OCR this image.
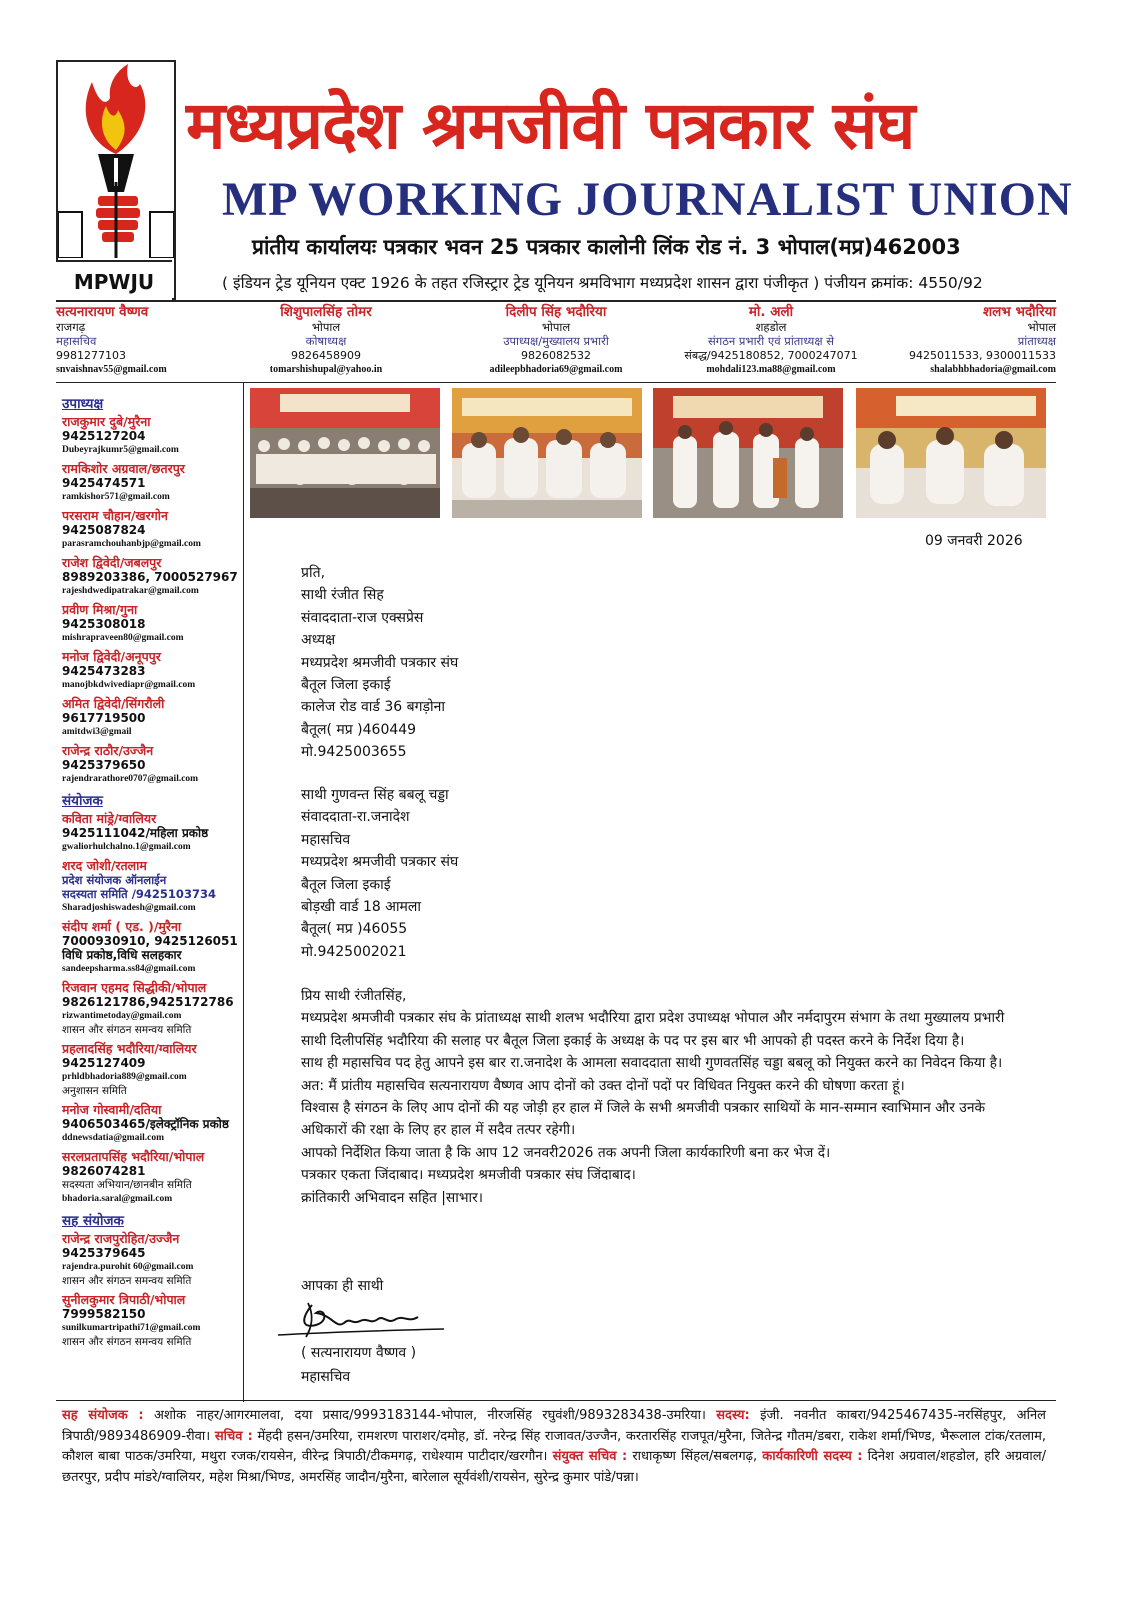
MPWJU
मध्यप्रदेश श्रमजीवी पत्रकार संघ
MP WORKING JOURNALIST UNION
प्रांतीय कार्यालयः पत्रकार भवन 25 पत्रकार कालोनी लिंक रोड नं. 3 भोपाल(मप्र)462003
( इंडियन ट्रेड यूनियन एक्ट 1926 के तहत रजिस्ट्रार ट्रेड यूनियन श्रमविभाग मध्यप्रदेश शासन द्वारा पंजीकृत ) पंजीयन क्रमांक: 4550/92
सत्यनारायण वैष्णव
राजगढ़
महासचिव
9981277103
snvaishnav55@gmail.com
शिशुपालसिंह तोमर
भोपाल
कोषाध्यक्ष
9826458909
tomarshishupal@yahoo.in
दिलीप सिंह भदौरिया
भोपाल
उपाध्यक्ष/मुख्यालय प्रभारी
9826082532
adileepbhadoria69@gmail.com
मो. अली
शहडोल
संगठन प्रभारी एवं प्रांताध्यक्ष से
संबद्ध/9425180852, 7000247071
mohdali123.ma88@gmail.com
शलभ भदौरिया
भोपाल
प्रांताध्यक्ष
9425011533, 9300011533
shalabhbhadoria@gmail.com
उपाध्यक्ष
राजकुमार दुबे/मुरैना
9425127204
Dubeyrajkumr5@gmail.com
रामकिशोर अग्रवाल/छतरपुर
9425474571
ramkishor571@gmail.com
परसराम चौहान/खरगोन
9425087824
parasramchouhanbjp@gmail.com
राजेश द्विवेदी/जबलपुर
8989203386, 7000527967
rajeshdwedipatrakar@gmail.com
प्रवीण मिश्रा/गुना
9425308018
mishrapraveen80@gmail.com
मनोज द्विवेदी/अनूपपुर
9425473283
manojbkdwivediapr@gmail.com
अमित द्विवेदी/सिंगरौली
9617719500
amitdwi3@gmail
राजेन्द्र राठौर/उज्जैन
9425379650
rajendrarathore0707@gmail.com
संयोजक
कविता मांड्रे/ग्वालियर
9425111042/महिला प्रकोष्ठ
gwaliorhulchalno.1@gmail.com
शरद जोशी/रतलाम
प्रदेश संयोजक ऑनलाईन
सदस्यता समिति /9425103734
Sharadjoshiswadesh@gmail.com
संदीप शर्मा ( एड. )/मुरैना
7000930910, 9425126051
विधि प्रकोष्ठ,विधि सलहकार
sandeepsharma.ss84@gmail.com
रिजवान एहमद सिद्धीकी/भोपाल
9826121786,9425172786
rizwantimetoday@gmail.com
शासन और संगठन समन्वय समिति
प्रहलादसिंह भदौरिया/ग्वालियर
9425127409
prhldbhadoria889@gmail.com
अनुशासन समिति
मनोज गोस्वामी/दतिया
9406503465/इलेक्ट्रॉनिक प्रकोष्ठ
ddnewsdatia@gmail.com
सरलप्रतापसिंह भदौरिया/भोपाल
9826074281
सदस्यता अभियान/छानबीन समिति
bhadoria.saral@gmail.com
सह संयोजक
राजेन्द्र राजपुरोहित/उज्जैन
9425379645
rajendra.purohit 60@gmail.com
शासन और संगठन समन्वय समिति
सुनीलकुमार त्रिपाठी/भोपाल
7999582150
sunilkumartripathi71@gmail.com
शासन और संगठन समन्वय समिति
09 जनवरी 2026
प्रति,
साथी रंजीत सिह
संवाददाता-राज एक्सप्रेस
अध्यक्ष
मध्यप्रदेश श्रमजीवी पत्रकार संघ
बैतूल जिला इकाई
कालेज रोड वार्ड 36 बगड़ोना
बैतूल( मप्र )460449
मो.9425003655
साथी गुणवन्त सिंह बबलू चड्डा
संवाददाता-रा.जनादेश
महासचिव
मध्यप्रदेश श्रमजीवी पत्रकार संघ
बैतूल जिला इकाई
बोड़खी वार्ड 18 आमला
बैतूल( मप्र )46055
मो.9425002021

प्रिय साथी रंजीतसिंह,

मध्यप्रदेश श्रमजीवी पत्रकार संघ के प्रांताध्यक्ष साथी शलभ भदौरिया द्वारा प्रदेश उपाध्यक्ष भोपाल और नर्मदापुरम संभाग के तथा मुख्यालय प्रभारी साथी दिलीपसिंह भदौरिया की सलाह पर बैतूल जिला इकाई के अध्यक्ष के पद पर इस बार भी आपको ही पदस्त करने के निर्देश दिया है।

साथ ही महासचिव पद हेतु आपने इस बार रा.जनादेश के आमला सवाददाता साथी गुणवतसिंह चड्डा बबलू को नियुक्त करने का निवेदन किया है।

अत: मैं प्रांतीय महासचिव सत्यनारायण वैष्णव आप दोनों को उक्त दोनों पदों पर विधिवत नियुक्त करने की घोषणा करता हूं।

विश्वास है संगठन के लिए आप दोनों की यह जोड़ी हर हाल में जिले के सभी श्रमजीवी पत्रकार साथियों के मान-सम्मान स्वाभिमान और उनके अधिकारों की रक्षा के लिए हर हाल में सदैव तत्पर रहेगी।

आपको निर्देशित किया जाता है कि आप 12 जनवरी2026 तक अपनी जिला कार्यकारिणी बना कर भेज दें।

पत्रकार एकता जिंदाबाद। मध्यप्रदेश श्रमजीवी पत्रकार संघ जिंदाबाद।

क्रांतिकारी अभिवादन सहित |साभार।

आपका ही साथी
( सत्यनारायण वैष्णव )
महासचिव
सह संयोजक : अशोक नाहर/आगरमालवा, दया प्रसाद/9993183144-भोपाल, नीरजसिंह रघुवंशी/9893283438-उमरिया। सदस्य: इंजी. नवनीत काबरा/9425467435-नरसिंहपुर, अनिल त्रिपाठी/9893486909-रीवा। सचिव : मेंहदी हसन/उमरिया, रामशरण पाराशर/दमोह, डॉ. नरेन्द्र सिंह राजावत/उज्जैन, करतारसिंह राजपूत/मुरैना, जितेन्द्र गौतम/डबरा, राकेश शर्मा/भिण्ड, भैरूलाल टांक/रतलाम, कौशल बाबा पाठक/उमरिया, मथुरा रजक/रायसेन, वीरेन्द्र त्रिपाठी/टीकमगढ़, राधेश्याम पाटीदार/खरगौन। संयुक्त सचिव : राधाकृष्ण सिंहल/सबलगढ़, कार्यकारिणी सदस्य : दिनेश अग्रवाल/शहडोल, हरि अग्रवाल/छतरपुर, प्रदीप मांडरे/ग्वालियर, महेश मिश्रा/भिण्ड, अमरसिंह जादौन/मुरैना, बारेलाल सूर्यवंशी/रायसेन, सुरेन्द्र कुमार पांडे/पन्ना।
